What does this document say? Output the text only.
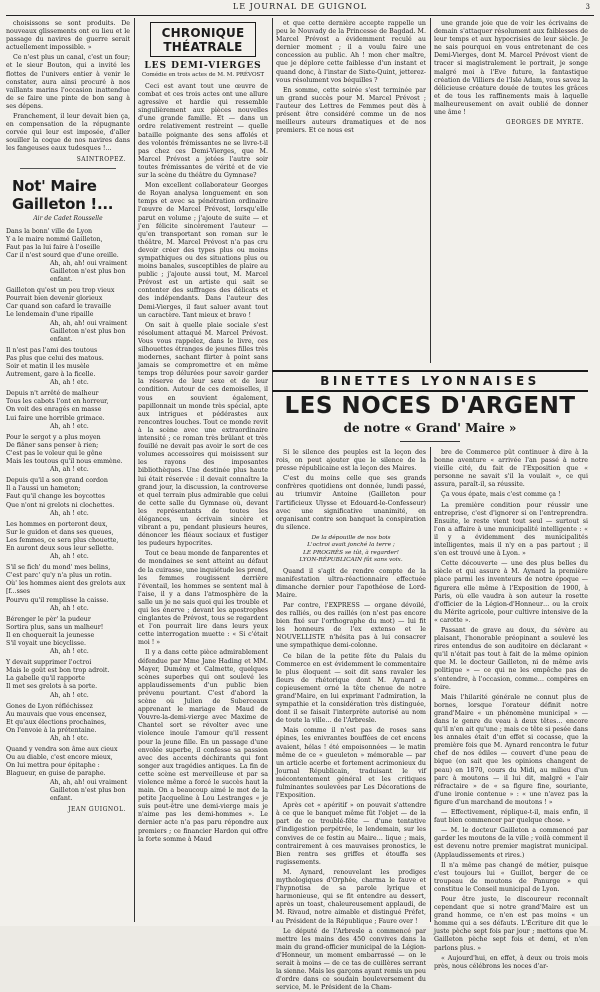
LE JOURNAL DE GUIGNOL	3

choisissons se sont produits. De nouveaux glissements ont eu lieu et le passage du navires de guerre serait actuellement impossible. »

Ce n'est plus un canal, c'est un four; et le sieur Bouton, qui a invité les flottes de l'univers entier à venir le constater, aura ainsi procuré à nos vaillants marins l'occasion inattendue de se faire une pinte de bon sang à ses dépens.

Franchement, il leur devait bien ça, en compensation de la répugnante corvée qui leur est imposée, d'aller souiller la coque de nos navires dans les fangeuses eaux tudesques !...

SAINTROPEZ.
Not' Maire Gailleton !...
Air de Cadet Rousselle
Dans la bonn' ville de Lyon
Y a le maire nommé Gailleton,
Faut pas la lui faire à l'oseille
Car il n'est sourd que d'une oreille.
Ah, ah, ah! oui vraiment
Gailleton n'est plus bon enfant.
Gailleton qu'est un peu trop vieux
Pourrait bien devenir glorieux
Car quand son cafard le travaille
Le lendemain d'une ripaille
Ah, ah, ah! oui vraiment
Gailleton n'est plus bon enfant.
Il n'est pas l'ami des toutous
Pas plus que celui des matous.
Soir et matin il les musèle
Autrement, gare à la ficelle.
Ah, ah ! etc.
Depuis n't arrêté de malheur
Tous les cabots l'ont en horreur,
On voit des enragés en masse
Lui faire une horrible grimace.
Ah, ah ! etc.
Pour le sergot y a plus moyen
De flâner sans penser à rien;
C'est pas le voleur qui le gêne
Mais les toutous qu'il nous emmène.
Ah, ah ! etc.
Depuis qu'il a son grand cordon
Il a l'aussi un hameton;
Faut qu'il change les boycottes
Que n'ont ni grelots ni clochettes.
Ah, ah ! etc.
Les hommes en porteront deux,
Sur le guidon et dans ses queues,
Les femmes, ce sera plus chouette,
En auront deux sous leur sellette.
Ah, ah ! etc.
S'il se fich' du mond' mes belins,
C'est parc' qu'y n'a plus un rotin.
Où' les hommes aient des grelots aux [f...sses
Pourvu qu'il remplisse la caisse.
Ah, ah ! etc.
Bérenger le pèr' la pudeur
Sortira plus, sans un malheur!
Il en choquerait la jeunesse
S'il voyait une bicyclisse.
Ah, ah ! etc.
Y devait supprimer l'octroi
Mais le goût est bon trop adroit.
La gabelle qu'il rapporte
Il met ses grelots à sa porte.
Ah, ah ! etc.
Gones de Lyon réfléchissez
Au mauvais que vous encensez,
Et qu'aux élections prochaines,
On l'envoie à la prétentaine.
Ah, ah ! etc.
Quand y vendra son âme aux cieux
Ou au diable, c'est encore mieux,
On lui mettra pour épitaphe :
Blagueur, en guise de paraphe.
Ah, ah, ah! oui vraiment
Gailleton n'est plus bon enfant.
JEAN GUIGNOL.
CHRONIQUE THÉATRALE
LES DEMI-VIERGES
Comédie en trois actes de M. M. PRÉVOST

Ceci est avant tout une œuvre de combat et ces trois actes ont une allure agressive et hardie qui ressemble singulièrement aux pièces nouvelles d'une grande famille. Et — dans un ordre relativement restreint — quelle bataille poignante des sens affolés et des volontés frémissantes ne se livre-t-il pas chez ces Demi-Vierges, que M. Marcel Prévost a jetées l'autre soir toutes frémissantes de vérité et de vie sur la scène du théâtre du Gymnase?

Mon excellent collaborateur Georges de Royan analysa longuement en son temps et avec sa pénétration ordinaire l'œuvre de Marcel Prévost, lorsqu'elle parut en volume ; j'ajoute de suite — et j'en félicite sincèrement l'auteur — qu'en transportant son roman sur le théâtre, M. Marcel Prévost n'a pas cru devoir créer des types plus ou moins sympathiques ou des situations plus ou moins banales, susceptibles de plaire au public ; j'ajoute aussi tout, M. Marcel Prévost est un artiste qui sait se contenter des suffrages des délicats et des indépendants. Dans l'auteur des Demi-Vierges, il faut saluer avant tout un caractère. Tant mieux et bravo !

On sait à quelle plaie sociale s'est résolument attaqué M. Marcel Prévost. Vous vous rappelez, dans le livre, ces silhouettes étranges de jeunes filles très modernes, sachant flirter à point sans jamais se compromettre et en même temps trop délurées pour savoir garder la réserve de leur sexe et de leur condition. Autour de ces demoiselles, il vous en souvient également, papillonnait un monde très spécial, apte aux intrigues et pédérastes aux rencontres louches. Tout ce monde revit à la scène avec une extraordinaire intensité ; ce roman très brûlant et très fouillé ne devait pas avoir le sort de ces volumes accessoires qui moisissent sur les rayons des imposantes bibliothèques. Une destinée plus haute lui était réservée : il devait connaître la grand jour, la discussion, la controverse et quel terrain plus admirable que celui de cette salle du Gymnase où, devant les représentants de toutes les élégances, un écrivain sincère et vibrant a pu, pendant plusieurs heures, dénoncer les fléaux sociaux et fustiger les pudeurs hypocrites.

Tout ce beau monde de fanparentes et de mondaines se sent atteint au défaut de la cuirasse, une inquiétude les prend, les femmes rougissent derrière l'éventail, les hommes se sentent mal à l'aise, il y a dans l'atmosphère de la salle un je ne sais quoi qui les trouble et qui les énerve ; devant les apostrophes cinglantes de Prévost, tous se regardent et l'on pourrait lire dans leurs yeux cette interrogation muette : « Si c'était moi ! »

Il y a dans cette pièce admirablement défendue par Mme Jane Hading et MM. Mayer, Dumény et Calmette, quelques scènes superbes qui ont soulevé les applaudissements d'un public bien prévenu pourtant. C'est d'abord la scène où Julien de Suberceaux apprenant le mariage de Maud de Vouvre-la-demi-vierge avec Maxime de Chantel sort se révolter avec une violence inouïe l'amour qu'il ressent pour la jeune fille. En un passage d'une envolée superbe, il confesse sa passion avec des accents déchirants qui font songer aux tragédies antiques. La fin de cette scène est merveilleuse et par sa violence même a forcé le succès haut la main. On a beaucoup aimé le mot de la petite Jacqueline à Lou Lestranges « je suis peut-être une demi-vierge mais je n'aime pas les demi-hommes ». Le dernier acte n'a pas paru répondre aux premiers ; ce financier Hardon qui offre la forte somme à Maud

et que cette dernière accepte rappelle un peu le Nouvady de la Princesse de Bagdad. M. Marcel Prévost a évidemment reculé au dernier moment ; il a voulu faire une concession au public. Ah ! mon cher maître, que je déplore cette faiblesse d'un instant et quand donc, à l'instar de Sixte-Quint, jetterez-vous résolument vos béquilles ?

En somme, cette soirée s'est terminée par un grand succès pour M. Marcel Prévost ; l'auteur des Lettres de Femmes peut dès à présent être considéré comme un de nos meilleurs auteurs dramatiques et de nos premiers. Et ce nous est

une grande joie que de voir les écrivains de demain s'attaquer résolument aux faiblesses de leur temps et aux hypocrisies de leur siècle. Je ne sais pourquoi en vous entretenant de ces Demi-Vierges, dont M. Marcel Prévost vient de tracer si magistralement le portrait, je songe malgré moi à l'Eve future, la fantastique création de Villiers de l'Isle Adam, vous savez la délicieuse créature douée de toutes les grâces et de tous les raffinements mais à laquelle malheureusement on avait oublié de donner une âme !

GEORGES DE MYRTE.
BINETTES LYONNAISES
LES NOCES D'ARGENT
de notre « Grand' Maire »

Si le silence des peuples est la leçon des rois, on peut ajouter que le silence de la presse républicaine est la leçon des Maires.

C'est du moins celle que ses grands confrères quotidiens ont donnée, lundi passé, au triumvir Antoine (Gailleton pour l'artificieux Ulysse et Edouard-le-Confesseur) avec une significative unanimité, en organisant contre son banquet la conspiration du silence.

De la dépouille de nos bois
L'octroi avait jonché la terre ;
LE PROGRÈS se tût, à regarder!
LYON-RÉPUBLICAIN fût sans voix.

Quand il s'agit de rendre compte de la manifestation ultra-réactionnaire effectuée dimanche dernier pour l'apothéose de Lord-Maire.

Par contre, l'EXPRESS — organe dévoilé, des ralliés, ou des raillés (on n'est pas encore bien fixé sur l'orthographe du mot) — lui fit les honneurs de l'ex extenso et le NOUVELLISTE n'hésita pas à lui consacrer une sympathique demi-colonne.

Ce bilan de la petite fête du Palais du Commerce en est évidemment le commentaire le plus éloquent — soit dit sans ravaler les fleurs de rhétorique dont M. Aynard a copieusement orné la tête chenue de notre grand'Maire, en lui exprimant l'admiration, la sympathie et la considération très distinguée, dont il se faisait l'interprète autorisé au nom de toute la ville… de l'Arbresle.

Mais comme il n'est pas de roses sans épines, les enivrantes bouffées de cet encens avaient, hélas ! été empoisonnées — le matin même de ce « gueuleton » mémorable — par un article acerbe et fortement acrimonieux du Journal Républicain, traduisant le vif mécontentement général et les critiques fulminantes soulevées par Les Décorations de l'Exposition.

Après cet « apéritif » on pouvait s'attendre à ce que le banquet même fût l'objet — de la part de ce troublé-fête — d'une tentative d'indigestion perpétrée, le lendemain, sur les convives de ce festin au Maire… lique ; mais, contrairement à ces mauvaises pronostics, le Bien rentra ses griffes et étouffa ses rugissements.

M. Aynard, renouvelant les prodiges mythologiques d'Orphée, charma le fauve et l'hypnotisa de sa parole lyrique et harmonieuse, qui se fit entendre au dessert, après un toast, chaleureusement applaudi, de M. Rivaud, notre aimable et distingué Préfet, au Président de la République ; Faure over !

Le député de l'Arbresle a commencé par mettre les mains des 450 convives dans la main du grand-officier municipal de la Légion-d'Honneur, un moment embarrassé — on le serait à moins — de ce tas de cuillères serrant la sienne. Mais les garçons ayant remis un peu d'ordre dans ce soudain bouleversement du service, M. le Président de la Cham-

bre de Commerce pût continuer à dire à la bonne aventure « arrivée l'an passé à notre vieille cité, du fait de l'Exposition que « personne ne savait s'il la voulait », ce qui assura, paraît-il, sa réussite.

Ça vous épate, mais c'est comme ça !

La première condition pour réussir une entreprise, c'est d'ignorer si on l'entreprendra. Ensuite, le reste vient tout seul — surtout si l'on a affaire à une municipalité intelligente : « il y a évidemment des municipalités intelligentes, mais il n'y en a pas partout ; il s'en est trouvé une à Lyon. »

Cette découverte — une des plus belles du siècle et qui assure à M. Aynard la première place parmi les inventeurs de notre époque — figurera elle même à l'Exposition de 1900, à Paris, où elle vaudra à son auteur la rosette d'officier de la Légion-d'Honneur… ou la croix du Mérite agricole, pour cultivre intensive de la « carotte ».

Passant de grave au doux, du sévère au plaisant, l'honorable préopinant a soulevé les rires entendus de son auditoire en déclarant « qu'il n'était pas tout à fait de la même opinion que M. le docteur Gailleton, ni de même avis politique » — ce qui ne les empêche pas de s'entendre, à l'occasion, comme… compères en foire.

Mais l'hilarité générale ne connut plus de bornes, lorsque l'orateur définit notre grand'Maire « un phénomène municipal » — dans le genre du veau à deux têtes… encore qu'il n'en ait qu'une ; mais ce tête si pesée dans les annales était d'un effet si cocasse, que la première fois que M. Aynard rencontra le futur chef de nos édiles — couvert d'une peau de bique (on sait que les opinions changent de peau) en 1870, cours du Midi, au milieu d'un parc à moutons — il lui dit, malgré « l'air réfractaire » de « sa figure fine, souriante, d'une ironie contenue » : « une n'avez pas la figure d'un marchand de moutons ! »

— Effectivement, réplique-t-il, mais enfin, il faut bien commencer par quelque chose. »

— M. le docteur Gailleton a commencé par garder les moutons de la ville ; voilà comment il est devenu notre premier magistrat municipal. (Applaudissements et rires.)

Il n'a même pas changé de métier, puisque c'est toujours lui « Guillot, berger de ce troupeau de moutons de Panurge » qui constitue le Conseil municipal de Lyon.

Pour être juste, le discoureur reconnaît cependant que si notre grand'Maire est un grand homme, ce n'en est pas moins « un homme qui a ses défauts. L'Écriture dit que le juste pèche sept fois par jour ; mettons que M. Gailleton pèche sept fois et demi, et n'en parlons plus. »

« Aujourd'hui, en effet, à deux ou trois mois près, nous célébrons les noces d'ar-
